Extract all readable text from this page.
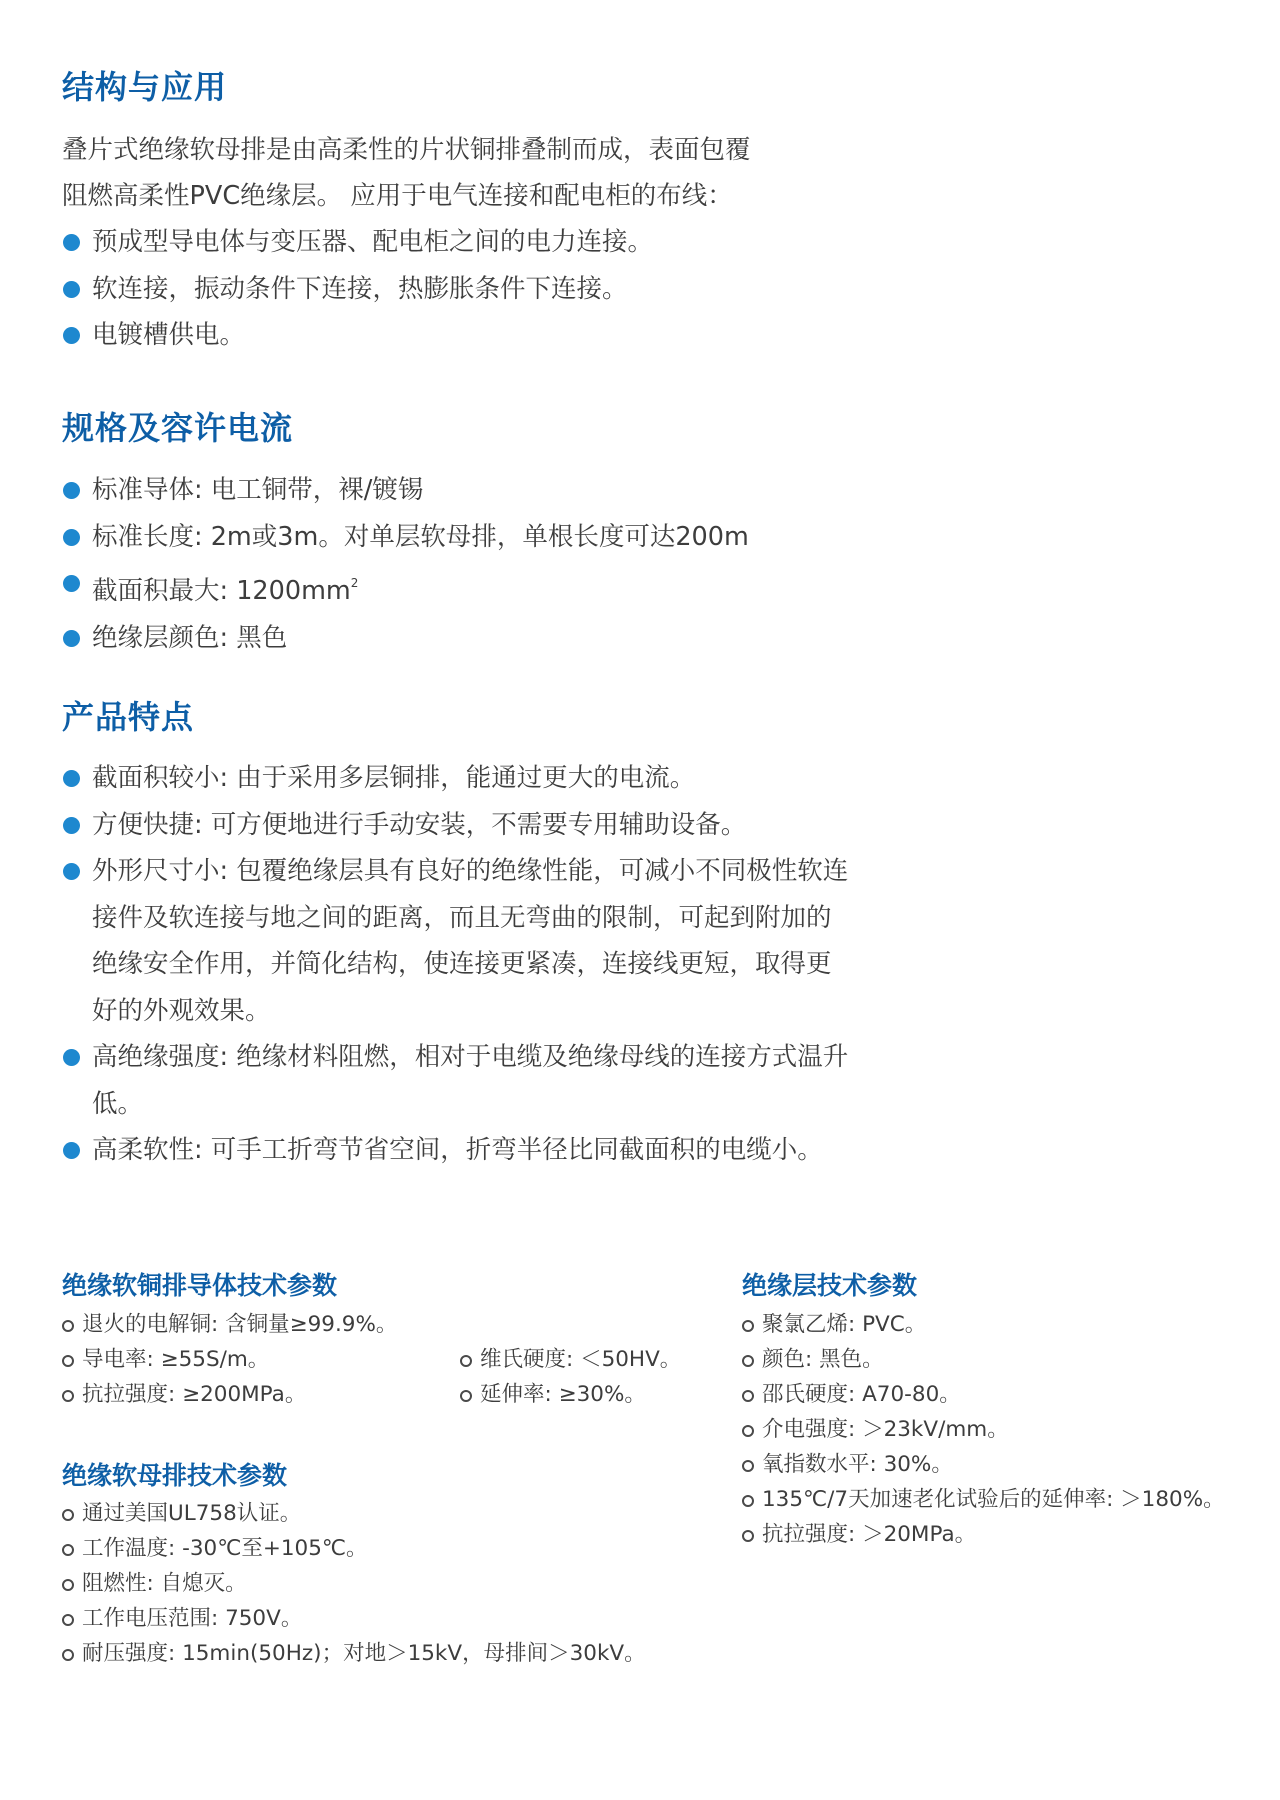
结构与应用

叠片式绝缘软母排是由高柔性的片状铜排叠制而成，表面包覆

阻燃高柔性PVC绝缘层。 应用于电气连接和配电柜的布线：

预成型导电体与变压器、配电柜之间的电力连接。
软连接，振动条件下连接，热膨胀条件下连接。
电镀槽供电。
规格及容许电流
标准导体: 电工铜带，裸/镀锡
标准长度: 2m或3m。对单层软母排，单根长度可达200m
截面积最大: $1200mm^2$
绝缘层颜色: 黑色
产品特点
截面积较小: 由于采用多层铜排，能通过更大的电流。
方便快捷: 可方便地进行手动安装，不需要专用辅助设备。
外形尺寸小: 包覆绝缘层具有良好的绝缘性能，可减小不同极性软连接件及软连接与地之间的距离，而且无弯曲的限制，可起到附加的绝缘安全作用，并简化结构，使连接更紧凑，连接线更短，取得更好的外观效果。
高绝缘强度: 绝缘材料阻燃，相对于电缆及绝缘母线的连接方式温升低。
高柔软性: 可手工折弯节省空间，折弯半径比同截面积的电缆小。
绝缘软铜排导体技术参数
退火的电解铜: 含铜量≥99.9%。
导电率: ≥55S/m。
抗拉强度: ≥200MPa。
维氏硬度: ＜50HV。
延伸率: ≥30%。
绝缘软母排技术参数
通过美国UL758认证。
工作温度: -30℃至+105℃。
阻燃性: 自熄灭。
工作电压范围: 750V。
耐压强度: 15min(50Hz)；对地＞15kV，母排间＞30kV。
绝缘层技术参数
聚氯乙烯: PVC。
颜色: 黑色。
邵氏硬度: A70-80。
介电强度: ＞23kV/mm。
氧指数水平: 30%。
135℃/7天加速老化试验后的延伸率: ＞180%。
抗拉强度: ＞20MPa。
